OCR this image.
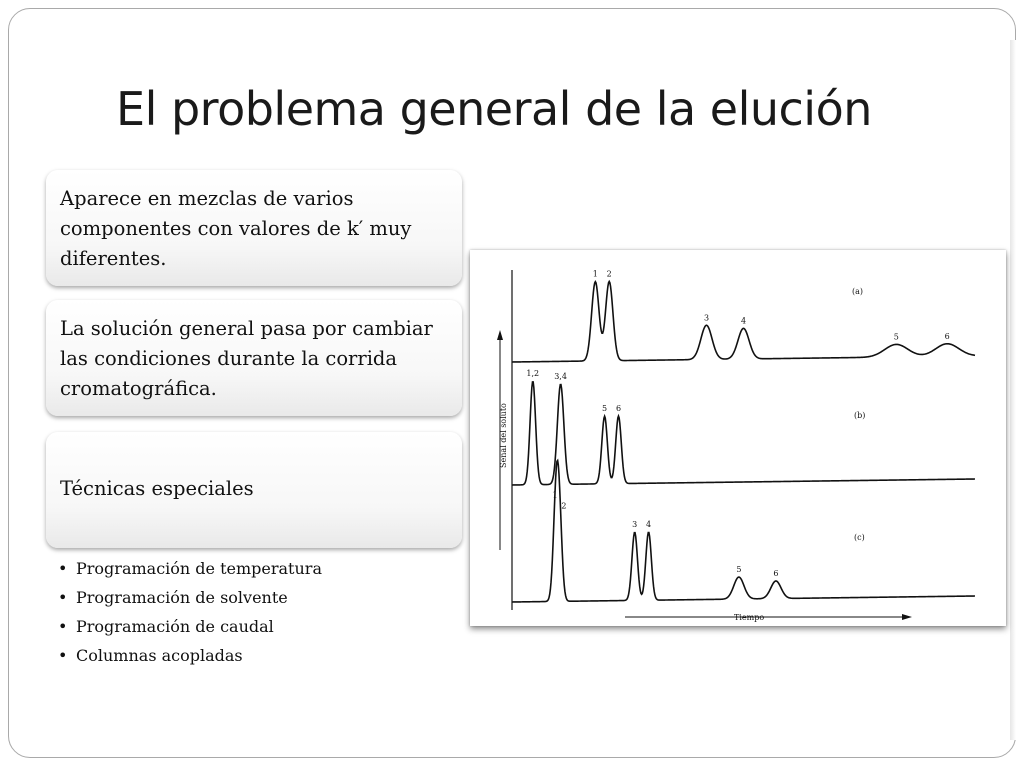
El problema general de la elución
Aparece en mezclas de varios componentes con valores de k′ muy diferentes.
La solución general pasa por cambiar las condiciones durante la corrida cromatográfica.
Técnicas especiales
• Programación de temperatura
• Programación de solvente
• Programación de caudal
• Columnas acopladas
Señal del soluto
Tiempo
(a)
1 2
3	4
5	6
(b)
1,2 3,4
5 6
(c)
1
2
3 4
5	6
